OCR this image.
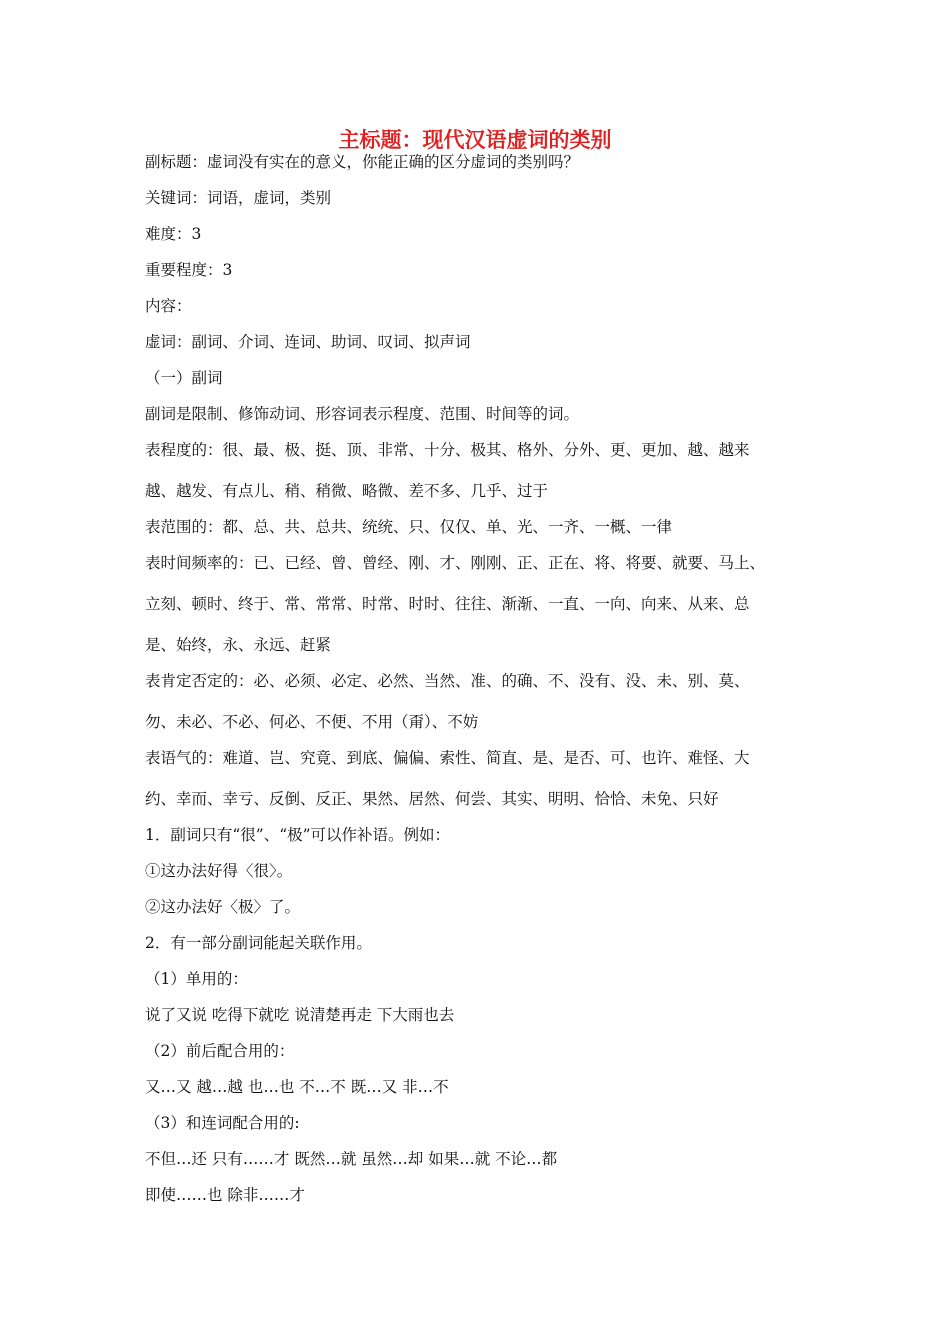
主标题：现代汉语虚词的类别
副标题：虚词没有实在的意义，你能正确的区分虚词的类别吗？
关键词：词语，虚词，类别
难度：3
重要程度：3
内容：
虚词：副词、介词、连词、助词、叹词、拟声词
（一）副词
副词是限制、修饰动词、形容词表示程度、范围、时间等的词。
表程度的：很、最、极、挺、顶、非常、十分、极其、格外、分外、更、更加、越、越来
越、越发、有点儿、稍、稍微、略微、差不多、几乎、过于
表范围的：都、总、共、总共、统统、只、仅仅、单、光、一齐、一概、一律
表时间频率的：已、已经、曾、曾经、刚、才、刚刚、正、正在、将、将要、就要、马上、
立刻、顿时、终于、常、常常、时常、时时、往往、渐渐、一直、一向、向来、从来、总
是、始终，永、永远、赶紧
表肯定否定的：必、必须、必定、必然、当然、准、的确、不、没有、没、未、别、莫、
勿、未必、不必、何必、不便、不用（甭）、不妨
表语气的：难道、岂、究竟、到底、偏偏、索性、简直、是、是否、可、也许、难怪、大
约、幸而、幸亏、反倒、反正、果然、居然、何尝、其实、明明、恰恰、未免、只好
1．副词只有“很”、“极”可以作补语。例如：
①这办法好得〈很〉。
②这办法好〈极〉了。
2．有一部分副词能起关联作用。
（1）单用的：
说了又说 吃得下就吃 说清楚再走 下大雨也去
（2）前后配合用的：
又…又 越…越 也…也 不…不 既…又 非…不
（3）和连词配合用的:
不但…还 只有……才 既然…就 虽然…却 如果…就 不论…都
即使……也 除非……才
